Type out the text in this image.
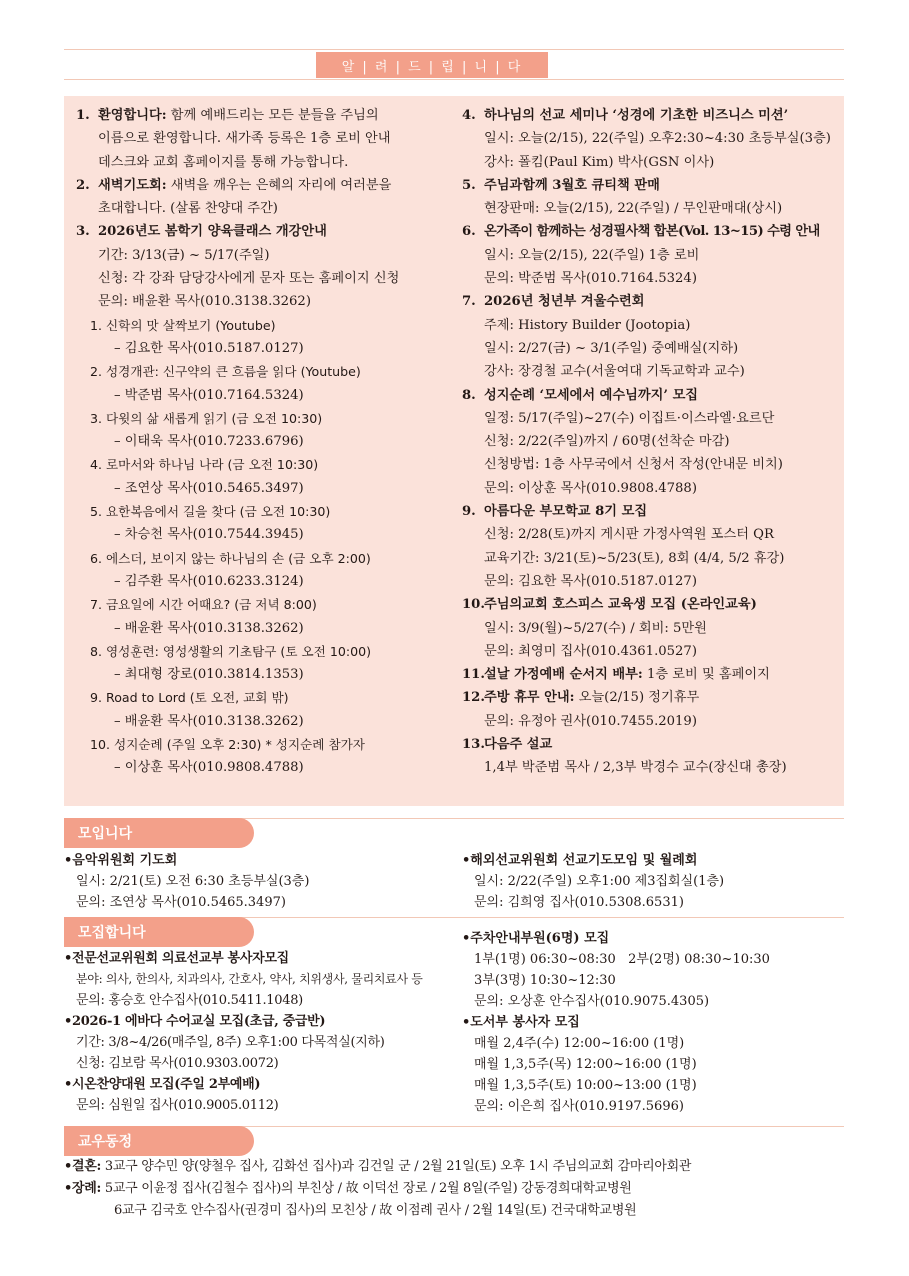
알 | 려 | 드 | 립 | 니 | 다
1. 환영합니다: 함께 예배드리는 모든 분들을 주님의
이름으로 환영합니다. 새가족 등록은 1층 로비 안내
데스크와 교회 홈페이지를 통해 가능합니다.
2. 새벽기도회: 새벽을 깨우는 은혜의 자리에 여러분을
초대합니다. (살롬 찬양대 주간)
3. 2026년도 봄학기 양육클래스 개강안내
기간: 3/13(금) ~ 5/17(주일)
신청: 각 강좌 담당강사에게 문자 또는 홈페이지 신청
문의: 배윤환 목사(010.3138.3262)
1. 신학의 맛 살짝보기 (Youtube)
– 김요한 목사(010.5187.0127)
2. 성경개관: 신구약의 큰 흐름을 읽다 (Youtube)
– 박준범 목사(010.7164.5324)
3. 다윗의 삶 새롭게 읽기 (금 오전 10:30)
– 이태욱 목사(010.7233.6796)
4. 로마서와 하나님 나라 (금 오전 10:30)
– 조연상 목사(010.5465.3497)
5. 요한복음에서 길을 찾다 (금 오전 10:30)
– 차승천 목사(010.7544.3945)
6. 에스더, 보이지 않는 하나님의 손 (금 오후 2:00)
– 김주환 목사(010.6233.3124)
7. 금요일에 시간 어때요? (금 저녁 8:00)
– 배윤환 목사(010.3138.3262)
8. 영성훈련: 영성생활의 기초탐구 (토 오전 10:00)
– 최대형 장로(010.3814.1353)
9. Road to Lord (토 오전, 교회 밖)
– 배윤환 목사(010.3138.3262)
10. 성지순례 (주일 오후 2:30) * 성지순례 참가자
– 이상훈 목사(010.9808.4788)
4. 하나님의 선교 세미나 ‘성경에 기초한 비즈니스 미션’
일시: 오늘(2/15), 22(주일) 오후2:30~4:30 초등부실(3층)
강사: 폴킴(Paul Kim) 박사(GSN 이사)
5. 주님과함께 3월호 큐티책 판매
현장판매: 오늘(2/15), 22(주일) / 무인판매대(상시)
6. 온가족이 함께하는 성경필사책 합본(Vol. 13~15) 수령 안내
일시: 오늘(2/15), 22(주일) 1층 로비
문의: 박준범 목사(010.7164.5324)
7. 2026년 청년부 겨울수련회
주제: History Builder (Jootopia)
일시: 2/27(금) ~ 3/1(주일) 중예배실(지하)
강사: 장경철 교수(서울여대 기독교학과 교수)
8. 성지순례 ‘모세에서 예수님까지’ 모집
일정: 5/17(주일)~27(수) 이집트·이스라엘·요르단
신청: 2/22(주일)까지 / 60명(선착순 마감)
신청방법: 1층 사무국에서 신청서 작성(안내문 비치)
문의: 이상훈 목사(010.9808.4788)
9. 아름다운 부모학교 8기 모집
신청: 2/28(토)까지 게시판 가정사역원 포스터 QR
교육기간: 3/21(토)~5/23(토), 8회 (4/4, 5/2 휴강)
문의: 김요한 목사(010.5187.0127)
10. 주님의교회 호스피스 교육생 모집 (온라인교육)
일시: 3/9(월)~5/27(수) / 회비: 5만원
문의: 최영미 집사(010.4361.0527)
11. 설날 가정예배 순서지 배부: 1층 로비 및 홈페이지
12. 주방 휴무 안내: 오늘(2/15) 정기휴무
문의: 유정아 권사(010.7455.2019)
13. 다음주 설교
1,4부 박준범 목사 / 2,3부 박경수 교수(장신대 총장)
모입니다
•음악위원회 기도회
일시: 2/21(토) 오전 6:30 초등부실(3층)
문의: 조연상 목사(010.5465.3497)
•해외선교위원회 선교기도모임 및 월례회
일시: 2/22(주일) 오후1:00 제3집회실(1층)
문의: 김희영 집사(010.5308.6531)
모집합니다
•전문선교위원회 의료선교부 봉사자모집
분야: 의사, 한의사, 치과의사, 간호사, 약사, 치위생사, 물리치료사 등
문의: 홍승호 안수집사(010.5411.1048)
•2026-1 에바다 수어교실 모집(초급, 중급반)
기간: 3/8~4/26(매주일, 8주) 오후1:00 다목적실(지하)
신청: 김보람 목사(010.9303.0072)
•시온찬양대원 모집(주일 2부예배)
문의: 심원일 집사(010.9005.0112)
•주차안내부원(6명) 모집
1부(1명) 06:30~08:30   2부(2명) 08:30~10:30
3부(3명) 10:30~12:30
문의: 오상훈 안수집사(010.9075.4305)
•도서부 봉사자 모집
매월 2,4주(수) 12:00~16:00 (1명)
매월 1,3,5주(목) 12:00~16:00 (1명)
매월 1,3,5주(토) 10:00~13:00 (1명)
문의: 이은희 집사(010.9197.5696)
교우동정
•결혼: 3교구 양수민 양(양철우 집사, 김화선 집사)과 김건일 군 / 2월 21일(토) 오후 1시 주님의교회 감마리아회관
•장례: 5교구 이윤정 집사(김철수 집사)의 부친상 / 故 이덕선 장로 / 2월 8일(주일) 강동경희대학교병원
6교구 김국호 안수집사(권경미 집사)의 모친상 / 故 이점례 권사 / 2월 14일(토) 건국대학교병원
